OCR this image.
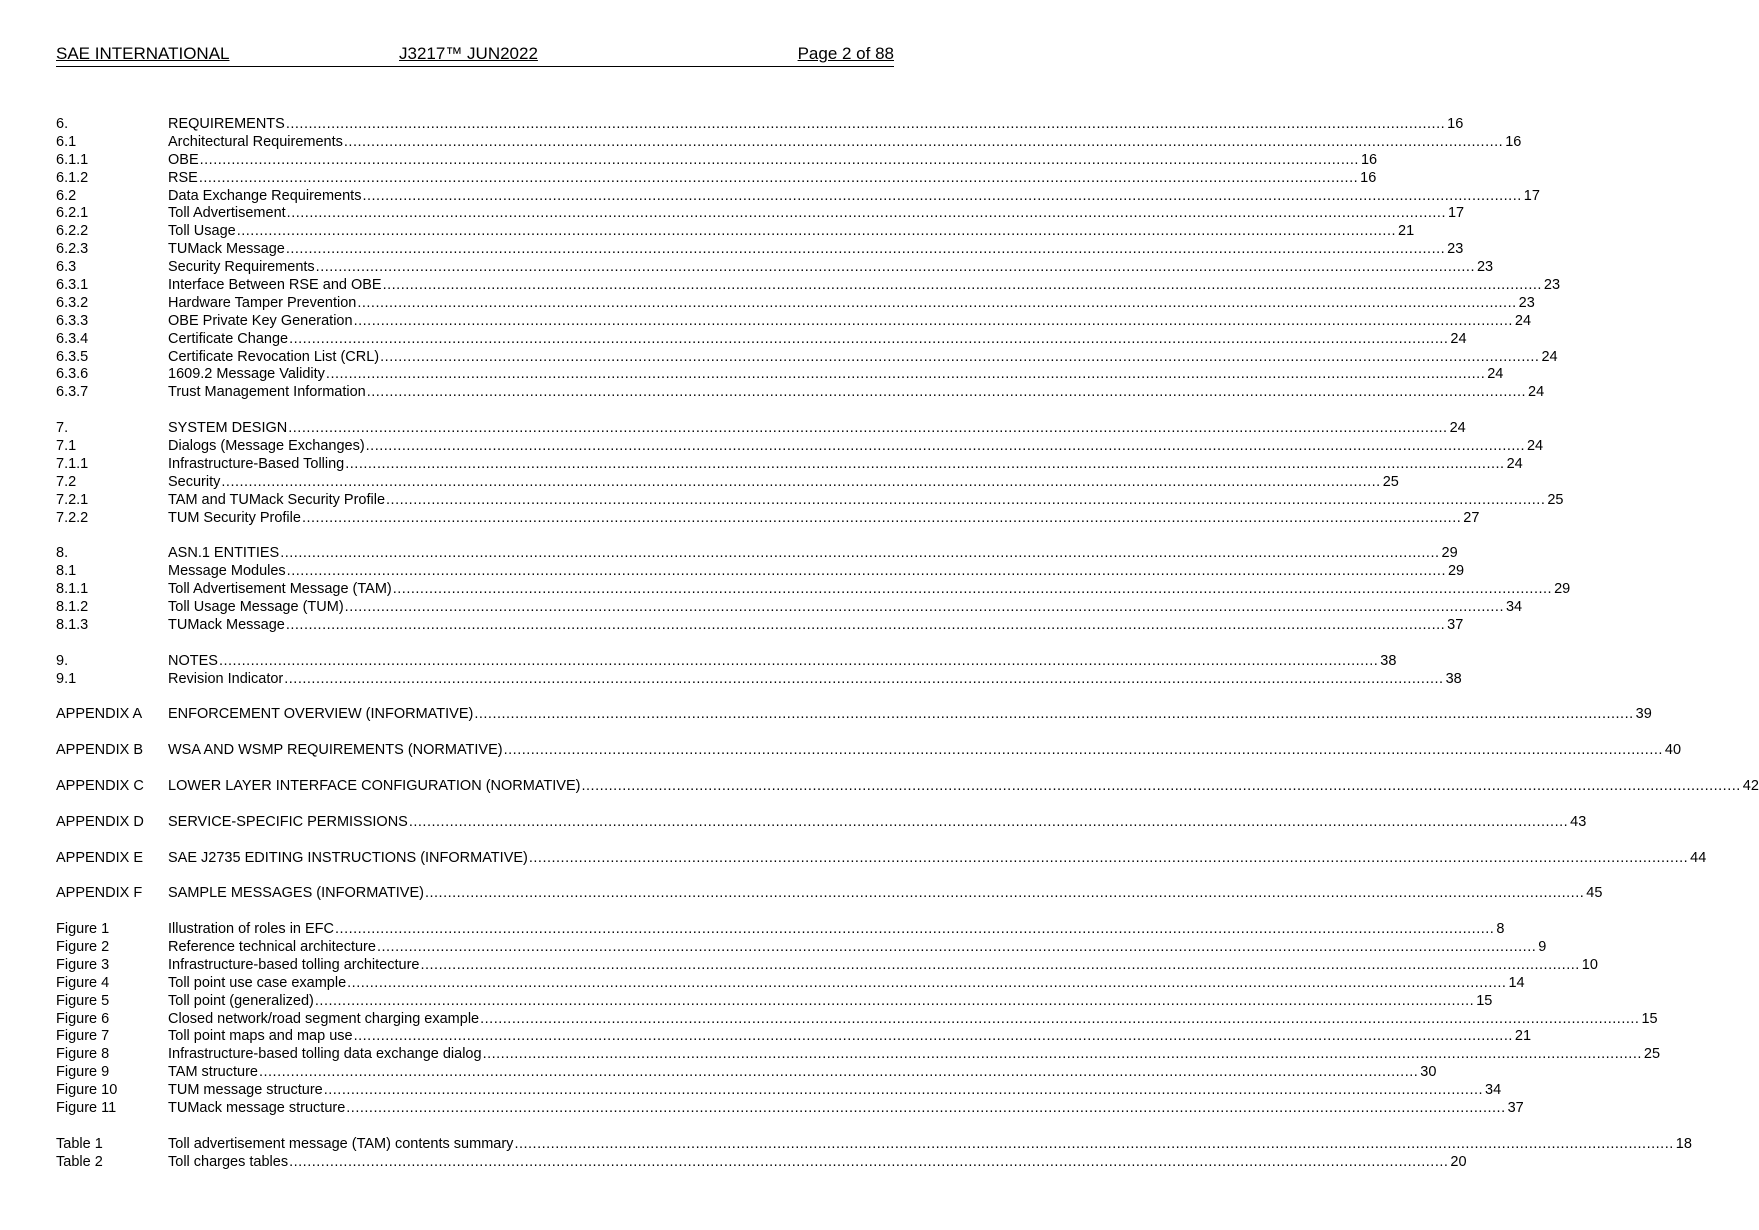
SAE INTERNATIONAL	J3217™ JUN2022	Page 2 of 88
6.	REQUIREMENTS .....	16
6.1	Architectural Requirements .....	16
6.1.1	OBE .....	16
6.1.2	RSE .....	16
6.2	Data Exchange Requirements .....	17
6.2.1	Toll Advertisement .....	17
6.2.2	Toll Usage .....	21
6.2.3	TUMack Message .....	23
6.3	Security Requirements .....	23
6.3.1	Interface Between RSE and OBE .....	23
6.3.2	Hardware Tamper Prevention .....	23
6.3.3	OBE Private Key Generation .....	24
6.3.4	Certificate Change .....	24
6.3.5	Certificate Revocation List (CRL) .....	24
6.3.6	1609.2 Message Validity .....	24
6.3.7	Trust Management Information .....	24
7.	SYSTEM DESIGN .....	24
7.1	Dialogs (Message Exchanges) .....	24
7.1.1	Infrastructure-Based Tolling .....	24
7.2	Security .....	25
7.2.1	TAM and TUMack Security Profile .....	25
7.2.2	TUM Security Profile .....	27
8.	ASN.1 ENTITIES .....	29
8.1	Message Modules .....	29
8.1.1	Toll Advertisement Message (TAM) .....	29
8.1.2	Toll Usage Message (TUM) .....	34
8.1.3	TUMack Message .....	37
9.	NOTES .....	38
9.1	Revision Indicator .....	38
APPENDIX A	ENFORCEMENT OVERVIEW (INFORMATIVE) .....	39
APPENDIX B	WSA AND WSMP REQUIREMENTS (NORMATIVE) .....	40
APPENDIX C	LOWER LAYER INTERFACE CONFIGURATION (NORMATIVE) .....	42
APPENDIX D	SERVICE-SPECIFIC PERMISSIONS .....	43
APPENDIX E	SAE J2735 EDITING INSTRUCTIONS (INFORMATIVE) .....	44
APPENDIX F	SAMPLE MESSAGES (INFORMATIVE) .....	45
Figure 1	Illustration of roles in EFC .....	8
Figure 2	Reference technical architecture .....	9
Figure 3	Infrastructure-based tolling architecture .....	10
Figure 4	Toll point use case example .....	14
Figure 5	Toll point (generalized) .....	15
Figure 6	Closed network/road segment charging example .....	15
Figure 7	Toll point maps and map use .....	21
Figure 8	Infrastructure-based tolling data exchange dialog .....	25
Figure 9	TAM structure .....	30
Figure 10	TUM message structure .....	34
Figure 11	TUMack message structure .....	37
Table 1	Toll advertisement message (TAM) contents summary .....	18
Table 2	Toll charges tables .....	20
